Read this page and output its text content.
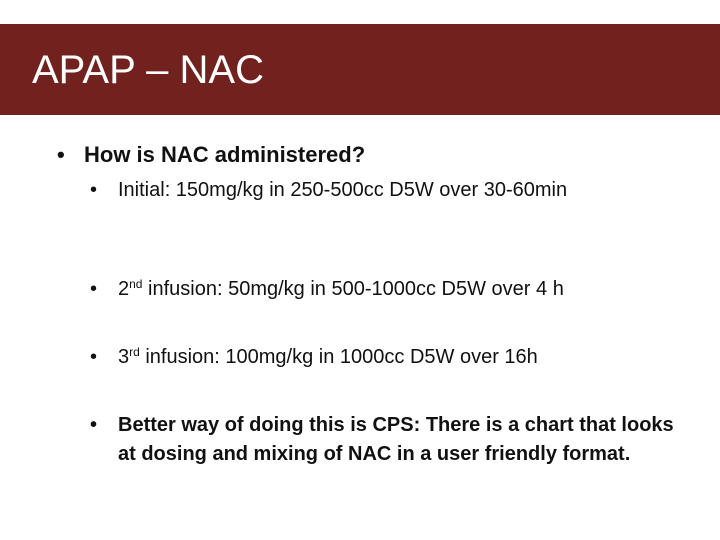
APAP – NAC
• How is NAC administered?
• Initial: 150mg/kg in 250-500cc D5W over 30-60min
• 2nd infusion: 50mg/kg in 500-1000cc D5W over 4 h
• 3rd infusion: 100mg/kg in 1000cc D5W over 16h
• Better way of doing this is CPS: There is a chart that looks at dosing and mixing of NAC in a user friendly format.
